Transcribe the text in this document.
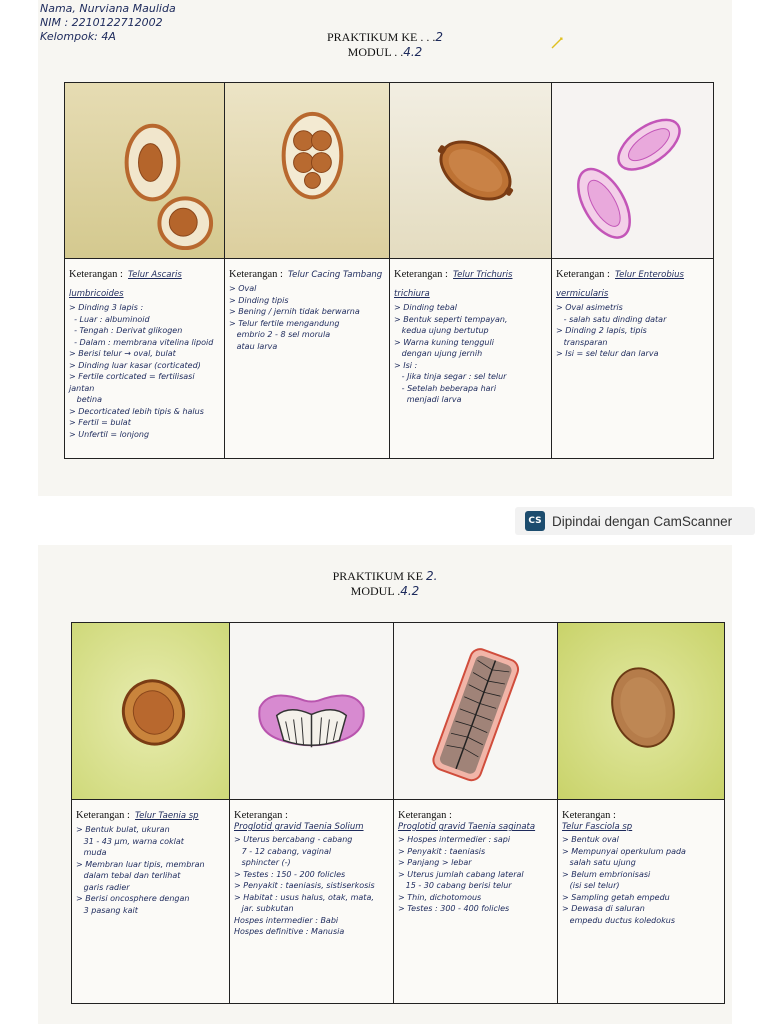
Nama, Nurviana Maulida
NIM : 2210122712002
Kelompok: 4A	PRAKTIKUM KE . . .2
MODUL . .4.2
Keterangan : Telur Ascaris lumbricoides
> Dinding 3 lapis :
- Luar : albuminoid
- Tengah : Derivat glikogen
- Dalam : membrana vitelina lipoid
> Berisi telur → oval, bulat
> Dinding luar kasar (corticated)
> Fertile corticated = fertilisasi jantan
betina
> Decorticated lebih tipis & halus
> Fertil = bulat
> Unfertil = lonjong
Keterangan : Telur Cacing Tambang
> Oval
> Dinding tipis
> Bening / jernih tidak berwarna
> Telur fertile mengandung
embrio 2 - 8 sel morula
atau larva
Keterangan : Telur Trichuris trichiura
> Dinding tebal
> Bentuk seperti tempayan,
kedua ujung bertutup
> Warna kuning tengguli
dengan ujung jernih
> Isi :
- Jika tinja segar : sel telur
- Setelah beberapa hari
menjadi larva
Keterangan : Telur Enterobius vermicularis
> Oval asimetris
- salah satu dinding datar
> Dinding 2 lapis, tipis
transparan
> Isi = sel telur dan larva
CS Dipindai dengan CamScanner
PRAKTIKUM KE 2.
MODUL .4.2
Keterangan : Telur Taenia sp
> Bentuk bulat, ukuran
31 - 43 μm, warna coklat
muda
> Membran luar tipis, membran
dalam tebal dan terlihat
garis radier
> Berisi oncosphere dengan
3 pasang kait
Keterangan :
Proglotid gravid Taenia Solium
> Uterus bercabang - cabang
7 - 12 cabang, vaginal
sphincter (-)
> Testes : 150 - 200 folicles
> Penyakit : taeniasis, sistiserkosis
> Habitat : usus halus, otak, mata,
jar. subkutan
Hospes intermedier : Babi
Hospes definitive : Manusia
Keterangan :
Proglotid gravid Taenia saginata
> Hospes intermedier : sapi
> Penyakit : taeniasis
> Panjang > lebar
> Uterus jumlah cabang lateral
15 - 30 cabang berisi telur
> Thin, dichotomous
> Testes : 300 - 400 folicles
Keterangan :
Telur Fasciola sp
> Bentuk oval
> Mempunyai operkulum pada
salah satu ujung
> Belum embrionisasi
(isi sel telur)
> Sampling getah empedu
> Dewasa di saluran
empedu ductus koledokus
